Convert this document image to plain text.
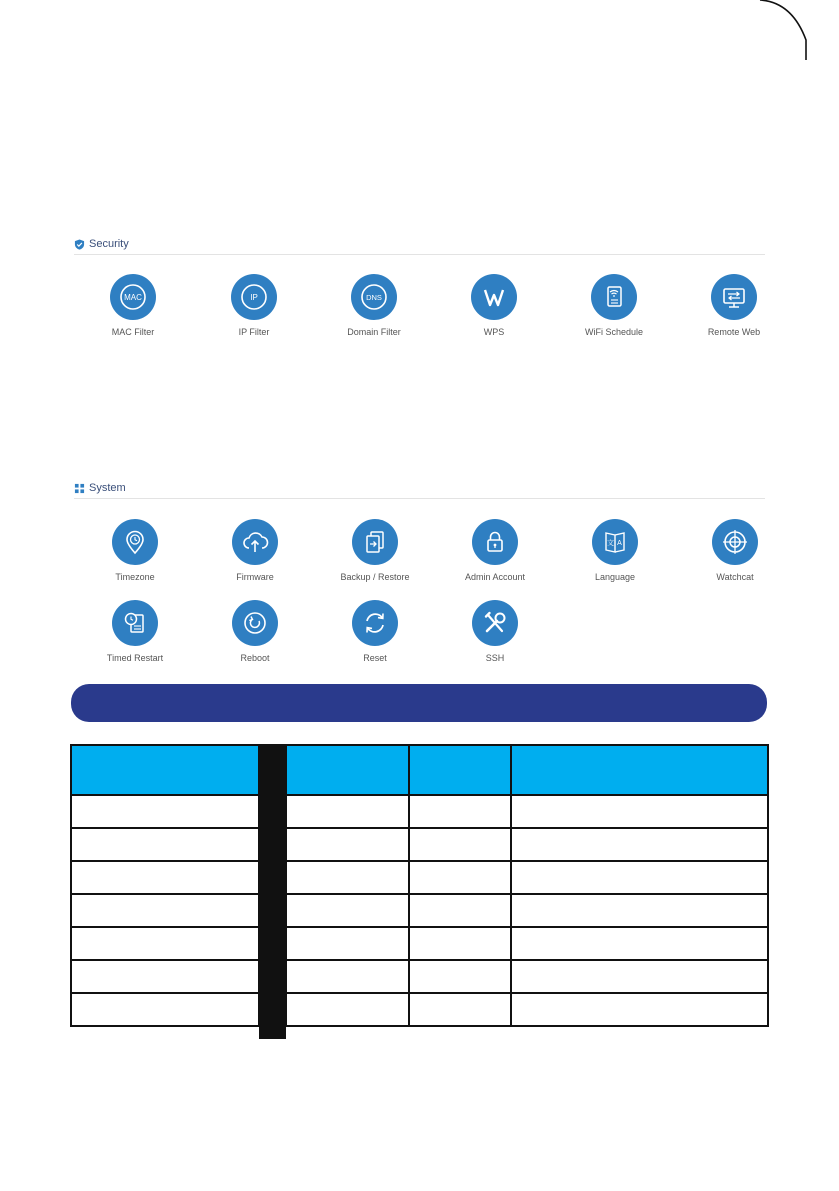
Security
MAC
MAC Filter
IP
IP Filter
DNS
Domain Filter	WPS	WiFi Schedule	Remote Web
System
Timezone	Firmware	Backup / Restore	Admin Account
文 A
Language	Watchcat
Timed Restart	Reboot	Reset	SSH
